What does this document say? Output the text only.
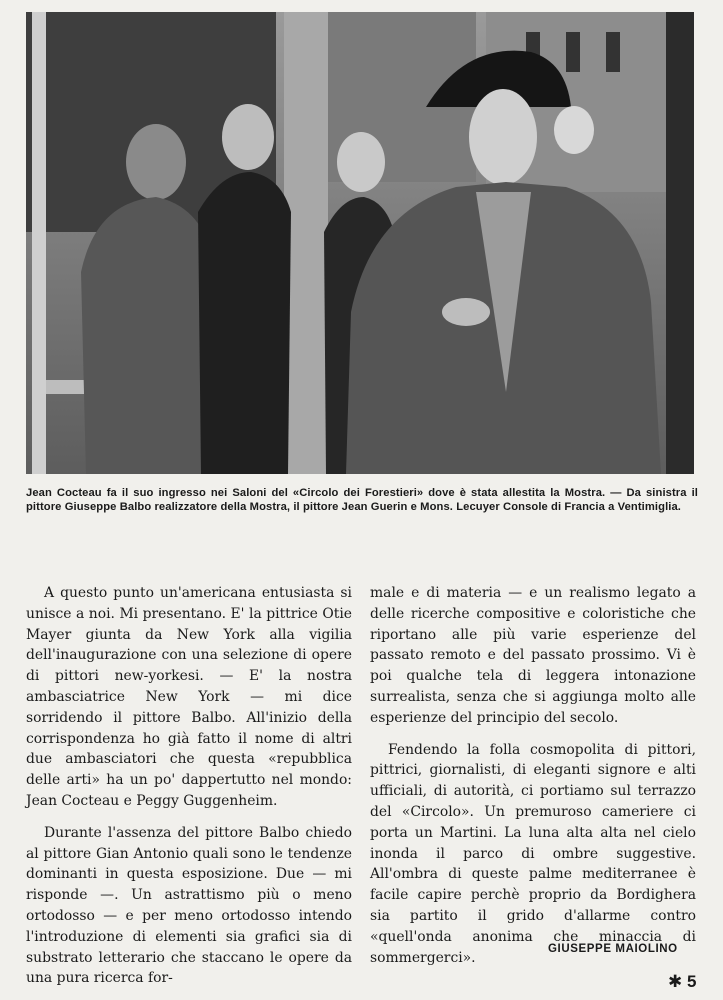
Jean Cocteau fa il suo ingresso nei Saloni del «Circolo dei Forestieri» dove è stata allestita la Mostra. — Da sinistra il pittore Giuseppe Balbo realizzatore della Mostra, il pittore Jean Guerin e Mons. Lecuyer Console di Francia a Ventimiglia.

A questo punto un'americana entusiasta si unisce a noi. Mi presentano. E' la pittrice Otie Mayer giunta da New York alla vigilia dell'inaugurazione con una selezione di opere di pittori new-yorkesi. — E' la nostra ambasciatrice New York — mi dice sorridendo il pittore Balbo. All'inizio della corrispondenza ho già fatto il nome di altri due ambasciatori che questa «repubblica delle arti» ha un po' dappertutto nel mondo: Jean Cocteau e Peggy Guggenheim.

Durante l'assenza del pittore Balbo chiedo al pittore Gian Antonio quali sono le tendenze dominanti in questa esposizione. Due — mi risponde —. Un astrattismo più o meno ortodosso — e per meno ortodosso intendo l'introduzione di elementi sia grafici sia di substrato letterario che staccano le opere da una pura ricerca for-

male e di materia — e un realismo legato a delle ricerche compositive e coloristiche che riportano alle più varie esperienze del passato remoto e del passato prossimo. Vi è poi qualche tela di leggera intonazione surrealista, senza che si aggiunga molto alle esperienze del principio del secolo.

Fendendo la folla cosmopolita di pittori, pittrici, giornalisti, di eleganti signore e alti ufficiali, di autorità, ci portiamo sul terrazzo del «Circolo». Un premuroso cameriere ci porta un Martini. La luna alta alta nel cielo inonda il parco di ombre suggestive. All'ombra di queste palme mediterranee è facile capire perchè proprio da Bordighera sia partito il grido d'allarme contro «quell'onda anonima che minaccia di sommergerci».

GIUSEPPE MAIOLINO
✱ 5
